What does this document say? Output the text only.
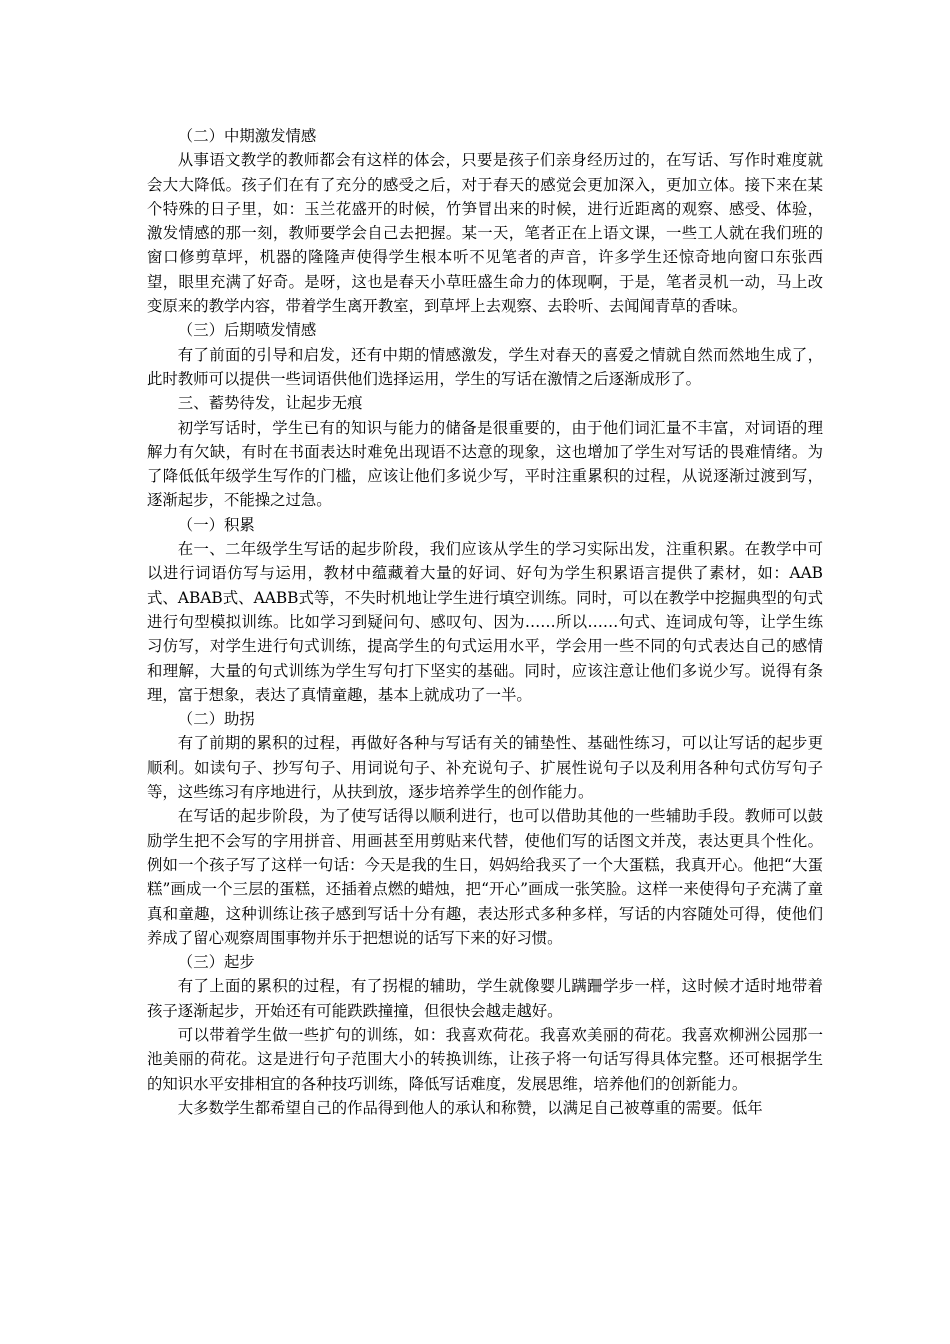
（二）中期激发情感

从事语文教学的教师都会有这样的体会，只要是孩子们亲身经历过的，在写话、写作时难度就会大大降低。孩子们在有了充分的感受之后，对于春天的感觉会更加深入，更加立体。接下来在某个特殊的日子里，如：玉兰花盛开的时候，竹笋冒出来的时候，进行近距离的观察、感受、体验，激发情感的那一刻，教师要学会自己去把握。某一天，笔者正在上语文课，一些工人就在我们班的窗口修剪草坪，机器的隆隆声使得学生根本听不见笔者的声音，许多学生还惊奇地向窗口东张西望，眼里充满了好奇。是呀，这也是春天小草旺盛生命力的体现啊，于是，笔者灵机一动，马上改变原来的教学内容，带着学生离开教室，到草坪上去观察、去聆听、去闻闻青草的香味。

（三）后期喷发情感

有了前面的引导和启发，还有中期的情感激发，学生对春天的喜爱之情就自然而然地生成了，此时教师可以提供一些词语供他们选择运用，学生的写话在激情之后逐渐成形了。

三、蓄势待发，让起步无痕

初学写话时，学生已有的知识与能力的储备是很重要的，由于他们词汇量不丰富，对词语的理解力有欠缺，有时在书面表达时难免出现语不达意的现象，这也增加了学生对写话的畏难情绪。为了降低低年级学生写作的门槛，应该让他们多说少写，平时注重累积的过程，从说逐渐过渡到写，逐渐起步，不能操之过急。

（一）积累

在一、二年级学生写话的起步阶段，我们应该从学生的学习实际出发，注重积累。在教学中可以进行词语仿写与运用，教材中蕴藏着大量的好词、好句为学生积累语言提供了素材，如：AAB式、ABAB式、AABB式等，不失时机地让学生进行填空训练。同时，可以在教学中挖掘典型的句式进行句型模拟训练。比如学习到疑问句、感叹句、因为……所以……句式、连词成句等，让学生练习仿写，对学生进行句式训练，提高学生的句式运用水平，学会用一些不同的句式表达自己的感情和理解，大量的句式训练为学生写句打下坚实的基础。同时，应该注意让他们多说少写。说得有条理，富于想象，表达了真情童趣，基本上就成功了一半。

（二）助拐

有了前期的累积的过程，再做好各种与写话有关的铺垫性、基础性练习，可以让写话的起步更顺利。如读句子、抄写句子、用词说句子、补充说句子、扩展性说句子以及利用各种句式仿写句子等，这些练习有序地进行，从扶到放，逐步培养学生的创作能力。

在写话的起步阶段，为了使写话得以顺利进行，也可以借助其他的一些辅助手段。教师可以鼓励学生把不会写的字用拼音、用画甚至用剪贴来代替，使他们写的话图文并茂，表达更具个性化。例如一个孩子写了这样一句话：今天是我的生日，妈妈给我买了一个大蛋糕，我真开心。他把“大蛋糕”画成一个三层的蛋糕，还插着点燃的蜡烛，把“开心”画成一张笑脸。这样一来使得句子充满了童真和童趣，这种训练让孩子感到写话十分有趣，表达形式多种多样，写话的内容随处可得，使他们养成了留心观察周围事物并乐于把想说的话写下来的好习惯。

（三）起步

有了上面的累积的过程，有了拐棍的辅助，学生就像婴儿蹒跚学步一样，这时候才适时地带着孩子逐渐起步，开始还有可能跌跌撞撞，但很快会越走越好。

可以带着学生做一些扩句的训练，如：我喜欢荷花。我喜欢美丽的荷花。我喜欢柳洲公园那一池美丽的荷花。这是进行句子范围大小的转换训练，让孩子将一句话写得具体完整。还可根据学生的知识水平安排相宜的各种技巧训练，降低写话难度，发展思维，培养他们的创新能力。

大多数学生都希望自己的作品得到他人的承认和称赞，以满足自己被尊重的需要。低年
